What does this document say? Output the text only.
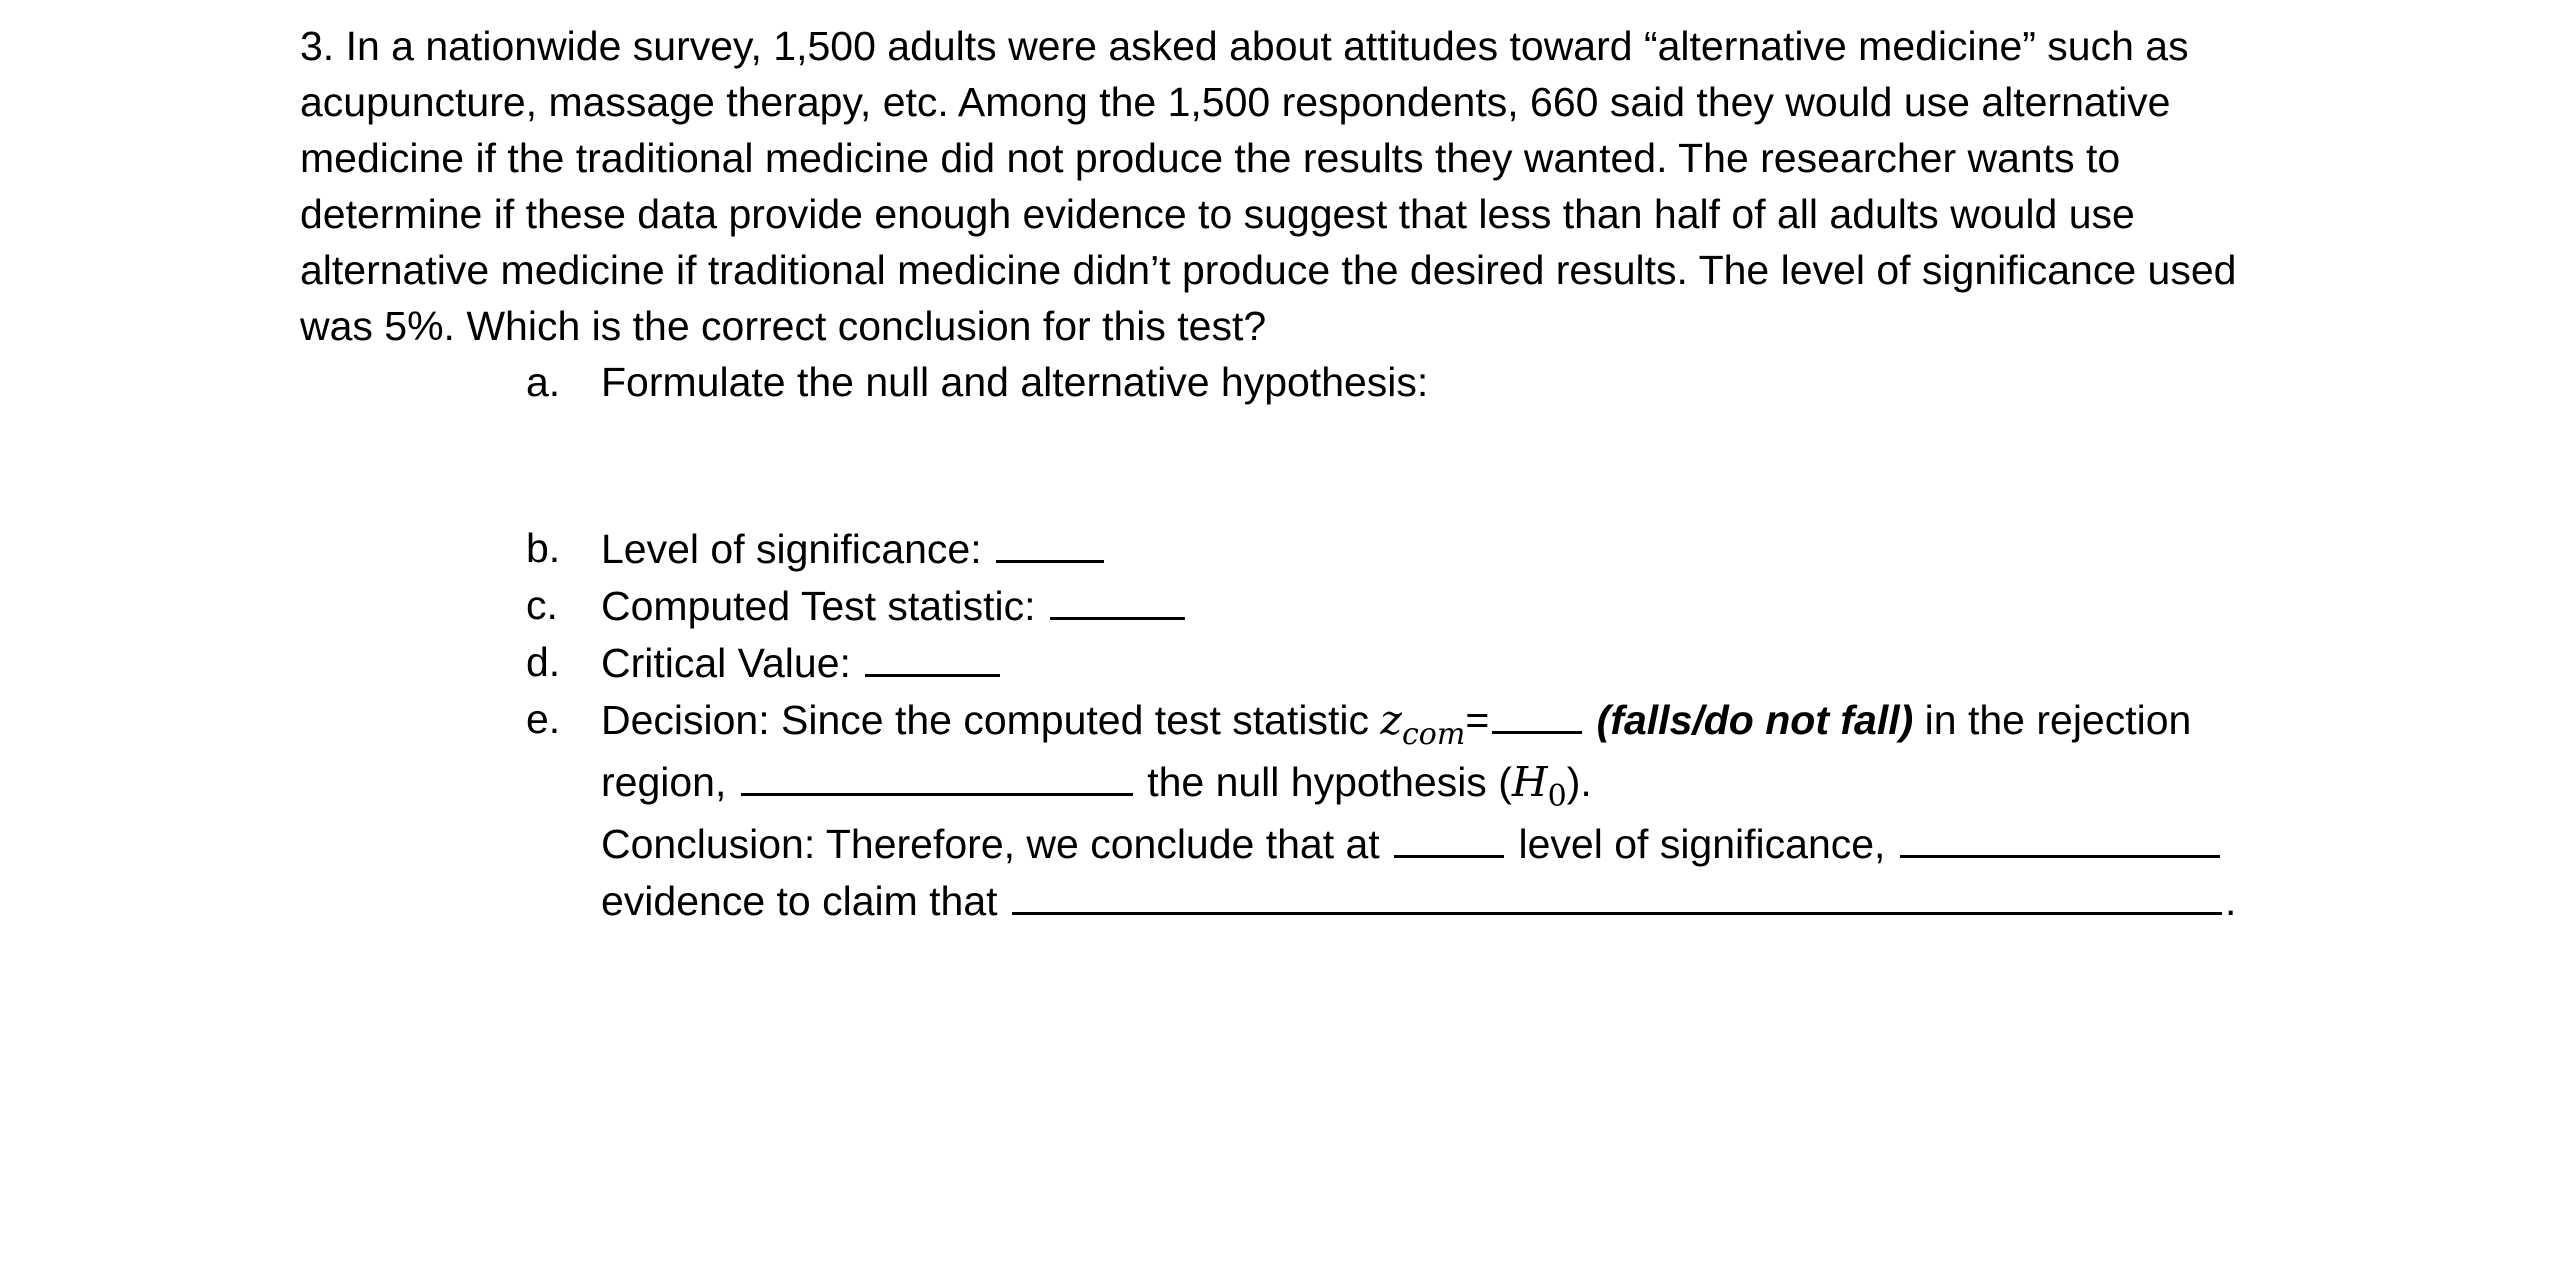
3. In a nationwide survey, 1,500 adults were asked about attitudes toward “alternative medicine” such as acupuncture, massage therapy, etc. Among the 1,500 respondents, 660 said they would use alternative medicine if the traditional medicine did not produce the results they wanted. The researcher wants to determine if these data provide enough evidence to suggest that less than half of all adults would use alternative medicine if traditional medicine didn’t produce the desired results. The level of significance used was 5%. Which is the correct conclusion for this test?

a. Formulate the null and alternative hypothesis:
b. Level of significance:
c.	Computed Test statistic:
d. Critical Value:
e. Decision: Since the computed test statistic $z_{com}=$	(falls/do not fall) in the rejection region,	the null hypothesis $(H_0)$.

Conclusion: Therefore, we conclude that at	level of significance,  evidence to claim that	.
